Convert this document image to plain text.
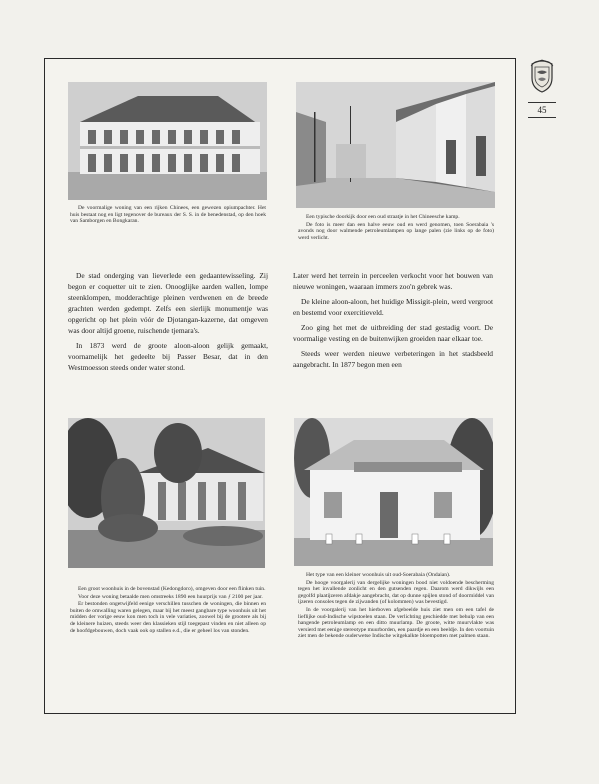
45

De voormalige woning van een rijken Chinees, een gewezen opiumpachter. Het huis bestaat nog en ligt tegenover de bureaux der S. S. in de benedenstad, op den hoek van Samborgen en Bongkaran.

Een typische doorkijk door een oud straatje in het Chineesche kamp.

De foto is meer dan een halve eeuw oud en werd genomen, toen Soerabaia 's avonds nog door walmende petroleumlampen op lange palen (zie links op de foto) werd verlicht.

De stad onderging van lieverlede een gedaantewisseling. Zij begon er coquetter uit te zien. Onooglijke aarden wallen, lompe steenklompen, modderachtige pleinen verdwenen en de breede grachten werden gedempt. Zelfs een sierlijk monumentje was opgericht op het plein vóór de Djotangan-kazerne, dat omgeven was door altijd groene, ruischende tjemara's.

In 1873 werd de groote aloon-aloon gelijk gemaakt, voornamelijk het gedeelte bij Passer Besar, dat in den Westmoesson steeds onder water stond.

Later werd het terrein in perceelen verkocht voor het bouwen van nieuwe woningen, waaraan immers zoo'n gebrek was.

De kleine aloon-aloon, het huidige Missigit-plein, werd vergroot en bestemd voor exercitieveld.

Zoo ging het met de uitbreiding der stad gestadig voort. De voormalige vesting en de buitenwijken groeiden naar elkaar toe.

Steeds weer werden nieuwe verbeteringen in het stadsbeeld aangebracht. In 1877 begon men een

Een groot woonhuis in de bovenstad (Kedongdoro), omgeven door een flinken tuin.

Voor deze woning betaalde men omstreeks 1890 een huurprijs van ƒ 2100 per jaar.

Er bestonden ongetwijfeld eenige verschillen tusschen de woningen, die binnen en buiten de omwalling waren gelegen, maar bij het meest gangbare type woonhuis uit het midden der vorige eeuw kon men toch in vele variaties, zoowel bij de grootere als bij de kleinere huizen, steeds weer den klassieken stijl toegepast vinden en niet alleen op de hoofdgebouwen, doch vaak ook op stallen e.d., die er geheel los van stonden.

Het type van een kleiner woonhuis uit oud-Soerabaia (Ondaian).

De hooge voorgalerij van dergelijke woningen bood niet voldoende bescherming tegen het invallende zonlicht en den gutsenden regen. Daarom werd dikwijls een gegolfd plaatijzeren afdakje aangebracht, dat op dunne spijlen stond of doormiddel van ijzeren consoles tegen de zijwanden (of kolommen) was bevestigd.

In de voorgalerij van het hierboven afgebeelde huis ziet men om een tafel de lieflijke oud-Indische wipstoelen staan. De verlichting geschiedde met behulp van een hangende petroleumlamp en een ditto muurlamp. De groote, witte muurvlakte was versierd met eenige stereotype muurborden, een paardje en een beeldje. In den voortuin ziet men de bekende ouderwetse Indische witgekalkte bloempotten met palmen staan.
